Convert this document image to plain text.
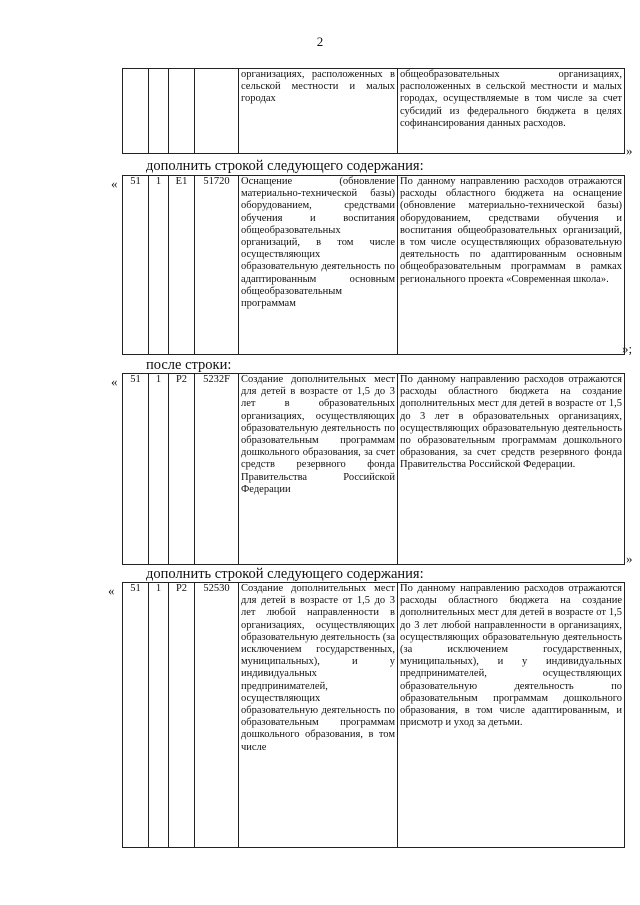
2
				организациях, расположенных в сельской местности и малых городах	общеобразовательных организациях, расположенных в сельской местности и малых городах, осуществляемые в том числе за счет субсидий из федерального бюджета в целях софинансирования данных расходов.
»
дополнить строкой следующего содержания:
« 51	1	Е1	51720	Оснащение (обновление материально-технической базы) оборудованием, средствами обучения и воспитания общеобразовательных организаций, в том числе осуществляющих образовательную деятельность по адаптированным основным общеобразовательным программам	По данному направлению расходов отражаются расходы областного бюджета на оснащение (обновление материально-технической базы) оборудованием, средствами обучения и воспитания общеобразовательных организаций, в том числе осуществляющих образовательную деятельность по адаптированным основным общеобразовательным программам в рамках регионального проекта «Современная школа».
»;
после строки:
« 51	1	Р2	5232F	Создание дополнительных мест для детей в возрасте от 1,5 до 3 лет в образовательных организациях, осуществляющих образовательную деятельность по образовательным программам дошкольного образования, за счет средств резервного фонда Правительства Российской Федерации	По данному направлению расходов отражаются расходы областного бюджета на создание дополнительных мест для детей в возрасте от 1,5 до 3 лет в образовательных организациях, осуществляющих образовательную деятельность по образовательным программам дошкольного образования, за счет средств резервного фонда Правительства Российской Федерации.
»
дополнить строкой следующего содержания:
« 51	1	Р2	52530	Создание дополнительных мест для детей в возрасте от 1,5 до 3 лет любой направленности в организациях, осуществляющих образовательную деятельность (за исключением государственных, муниципальных), и у индивидуальных предпринимателей, осуществляющих образовательную деятельность по образовательным программам дошкольного образования, в том числе	По данному направлению расходов отражаются расходы областного бюджета на создание дополнительных мест для детей в возрасте от 1,5 до 3 лет любой направленности в организациях, осуществляющих образовательную деятельность (за исключением государственных, муниципальных), и у индивидуальных предпринимателей, осуществляющих образовательную деятельность по образовательным программам дошкольного образования, в том числе адаптированным, и присмотр и уход за детьми.
